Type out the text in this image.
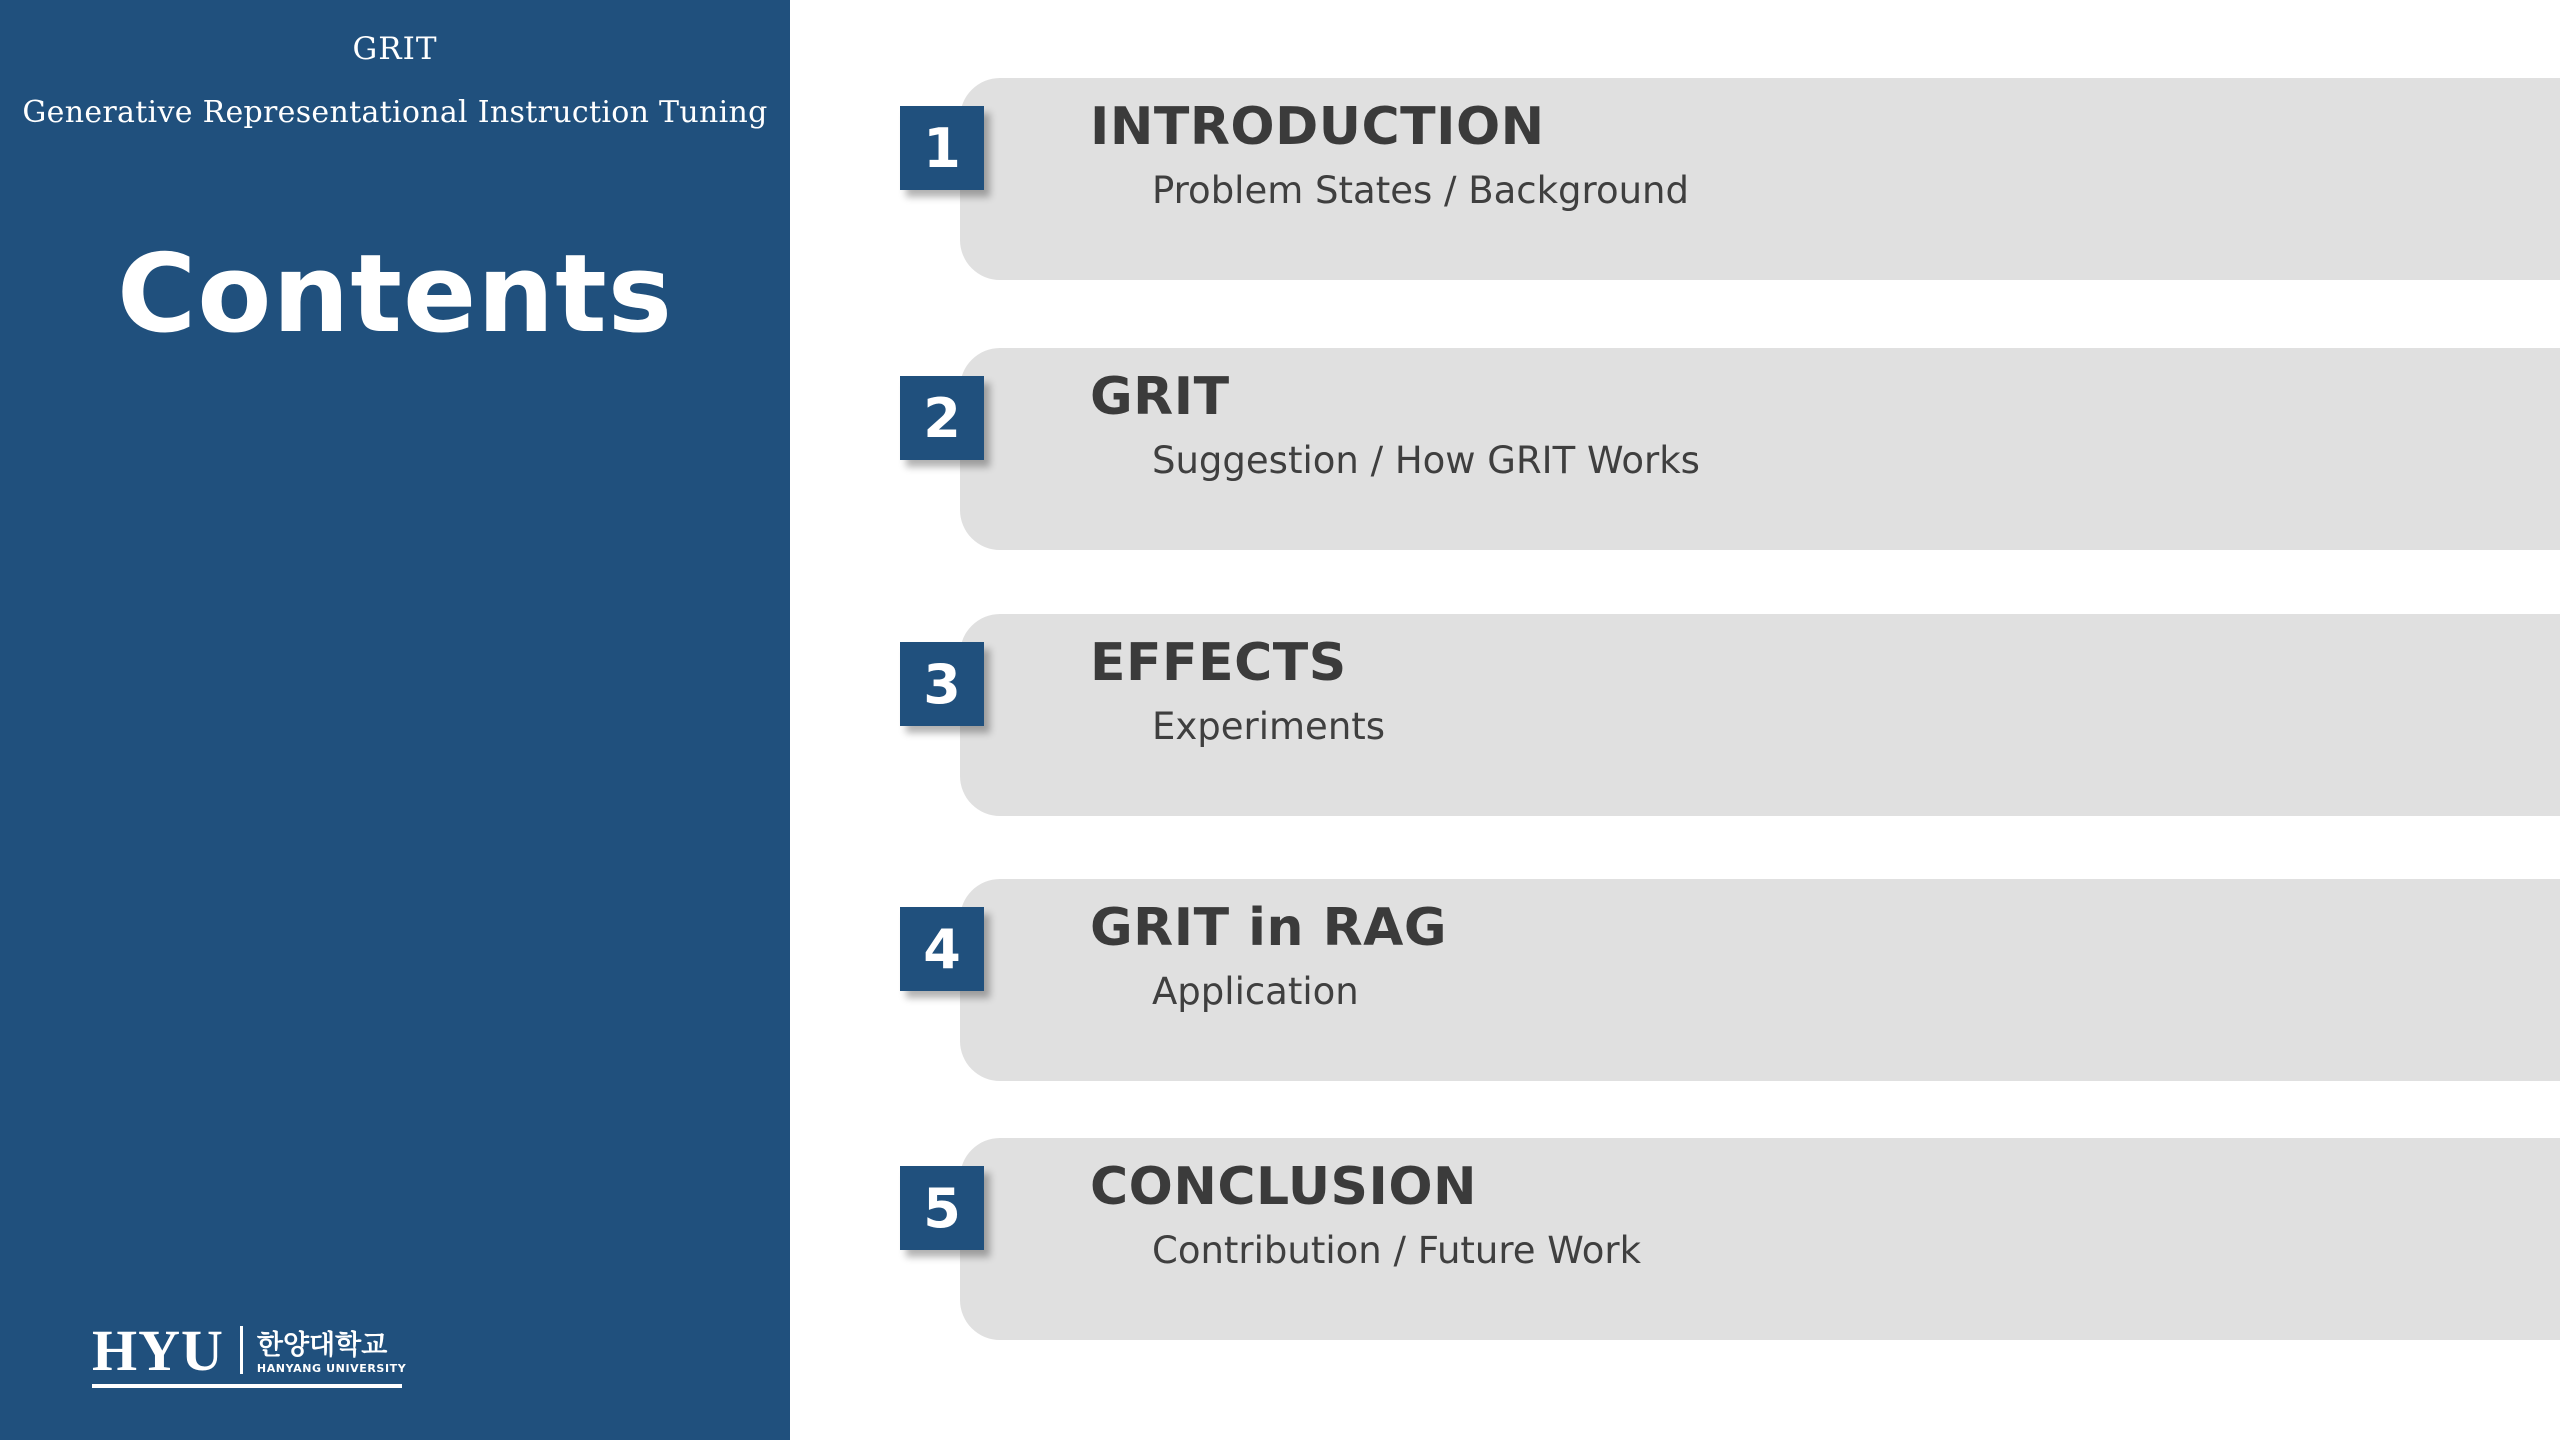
GRIT
Generative Representational Instruction Tuning
Contents
HYU 한양대학교
HANYANG UNIVERSITY
1	INTRODUCTION
Problem States / Background
2	GRIT
Suggestion / How GRIT Works
3	EFFECTS
Experiments
4	GRIT in RAG
Application
5	CONCLUSION
Contribution / Future Work
